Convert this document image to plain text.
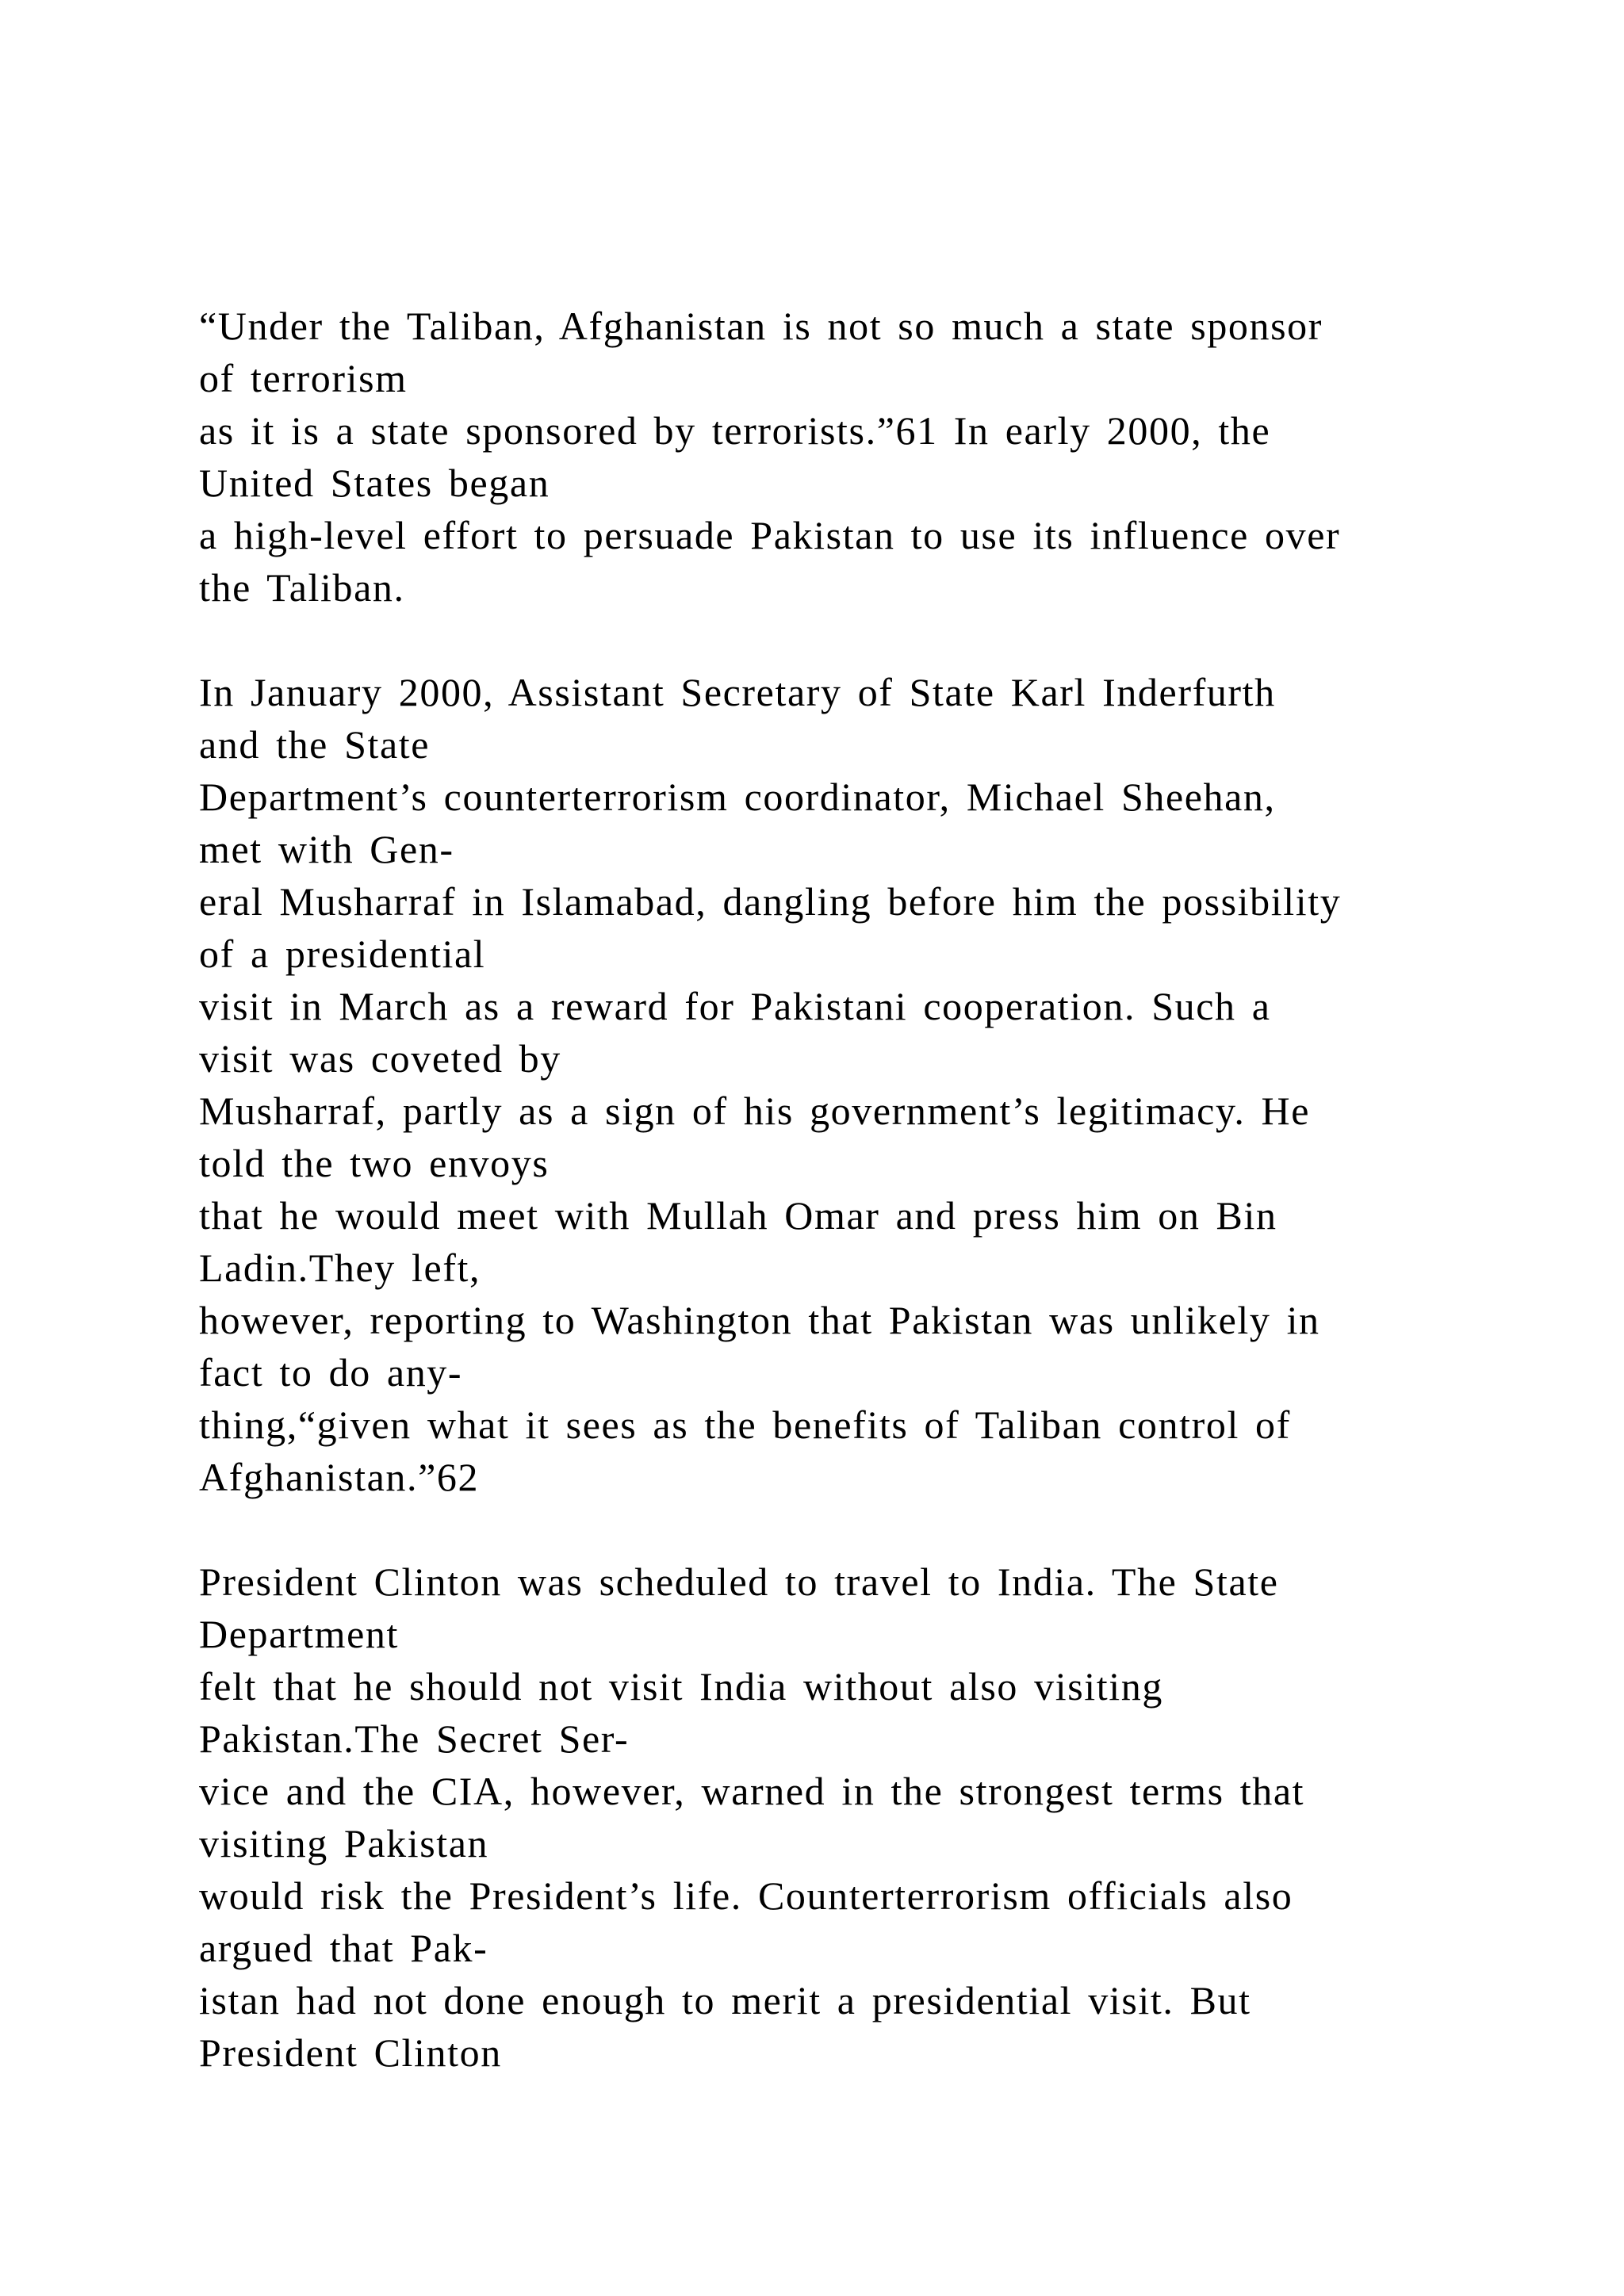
“Under the Taliban, Afghanistan is not so much a state sponsor
of terrorism
as it is a state sponsored by terrorists.”61 In early 2000, the
United States began
a high-level effort to persuade Pakistan to use its influence over
the Taliban.
In January 2000, Assistant Secretary of State Karl Inderfurth
and the State
Department’s counterterrorism coordinator, Michael Sheehan,
met with Gen-
eral Musharraf in Islamabad, dangling before him the possibility
of a presidential
visit in March as a reward for Pakistani cooperation. Such a
visit was coveted by
Musharraf, partly as a sign of his government’s legitimacy. He
told the two envoys
that he would meet with Mullah Omar and press him on Bin
Ladin.They left,
however, reporting to Washington that Pakistan was unlikely in
fact to do any-
thing,“given what it sees as the benefits of Taliban control of
Afghanistan.”62
President Clinton was scheduled to travel to India. The State
Department
felt that he should not visit India without also visiting
Pakistan.The Secret Ser-
vice and the CIA, however, warned in the strongest terms that
visiting Pakistan
would risk the President’s life. Counterterrorism officials also
argued that Pak-
istan had not done enough to merit a presidential visit. But
President Clinton
